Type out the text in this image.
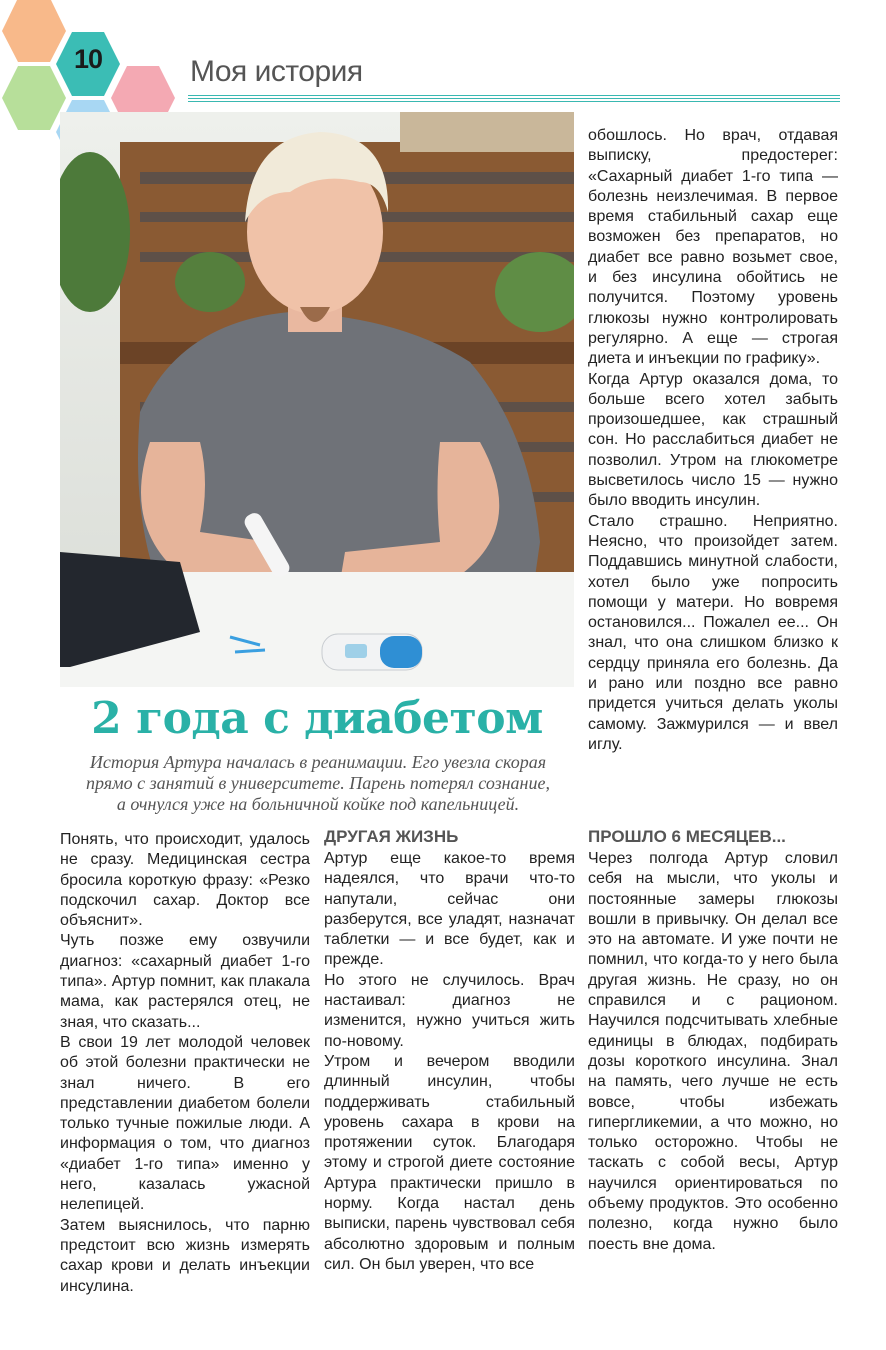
10	Моя история
2 года с диабетом
История Артура началась в реанимации. Его увезла скорая
прямо с занятий в университете. Парень потерял сознание,
а очнулся уже на больничной койке под капельницей.

обошлось. Но врач, отдавая выписку, предостерег: «Сахарный диабет 1-го типа — болезнь неизлечимая. В первое время стабильный сахар еще возможен без препаратов, но диабет все равно возьмет свое, и без инсулина обойтись не получится. Поэтому уровень глюкозы нужно контролировать регулярно. А еще — строгая диета и инъекции по графику».

Когда Артур оказался дома, то больше всего хотел забыть произошедшее, как страшный сон. Но расслабиться диабет не позволил. Утром на глюкометре высветилось число 15 — нужно было вводить инсулин.

Стало страшно. Неприятно. Неясно, что произойдет затем. Поддавшись минутной слабости, хотел было уже попросить помощи у матери. Но вовремя остановился... Пожалел ее... Он знал, что она слишком близко к сердцу приняла его болезнь. Да и рано или поздно все равно придется учиться делать уколы самому. Зажмурился — и ввел иглу.

Понять, что происходит, удалось не сразу. Медицинская сестра бросила короткую фразу: «Резко подскочил сахар. Доктор все объяснит».

Чуть позже ему озвучили диагноз: «сахарный диабет 1-го типа». Артур помнит, как плакала мама, как растерялся отец, не зная, что сказать...

В свои 19 лет молодой человек об этой болезни практически не знал ничего. В его представлении диабетом болели только тучные пожилые люди. А информация о том, что диагноз «диабет 1-го типа» именно у него, казалась ужасной нелепицей.

Затем выяснилось, что парню предстоит всю жизнь измерять сахар крови и делать инъекции инсулина.

ДРУГАЯ ЖИЗНЬ

Артур еще какое-то время надеялся, что врачи что-то напутали, сейчас они разберутся, все уладят, назначат таблетки — и все будет, как и прежде.

Но этого не случилось. Врач настаивал: диагноз не изменится, нужно учиться жить по-новому.

Утром и вечером вводили длинный инсулин, чтобы поддерживать стабильный уровень сахара в крови на протяжении суток. Благодаря этому и строгой диете состояние Артура практически пришло в норму. Когда настал день выписки, парень чувствовал себя абсолютно здоровым и полным сил. Он был уверен, что все

ПРОШЛО 6 МЕСЯЦЕВ...

Через полгода Артур словил себя на мысли, что уколы и постоянные замеры глюкозы вошли в привычку. Он делал все это на автомате. И уже почти не помнил, что когда-то у него была другая жизнь. Не сразу, но он справился и с рационом. Научился подсчитывать хлебные единицы в блюдах, подбирать дозы короткого инсулина. Знал на память, чего лучше не есть вовсе, чтобы избежать гипергликемии, а что можно, но только осторожно. Чтобы не таскать с собой весы, Артур научился ориентироваться по объему продуктов. Это особенно полезно, когда нужно было поесть вне дома.
